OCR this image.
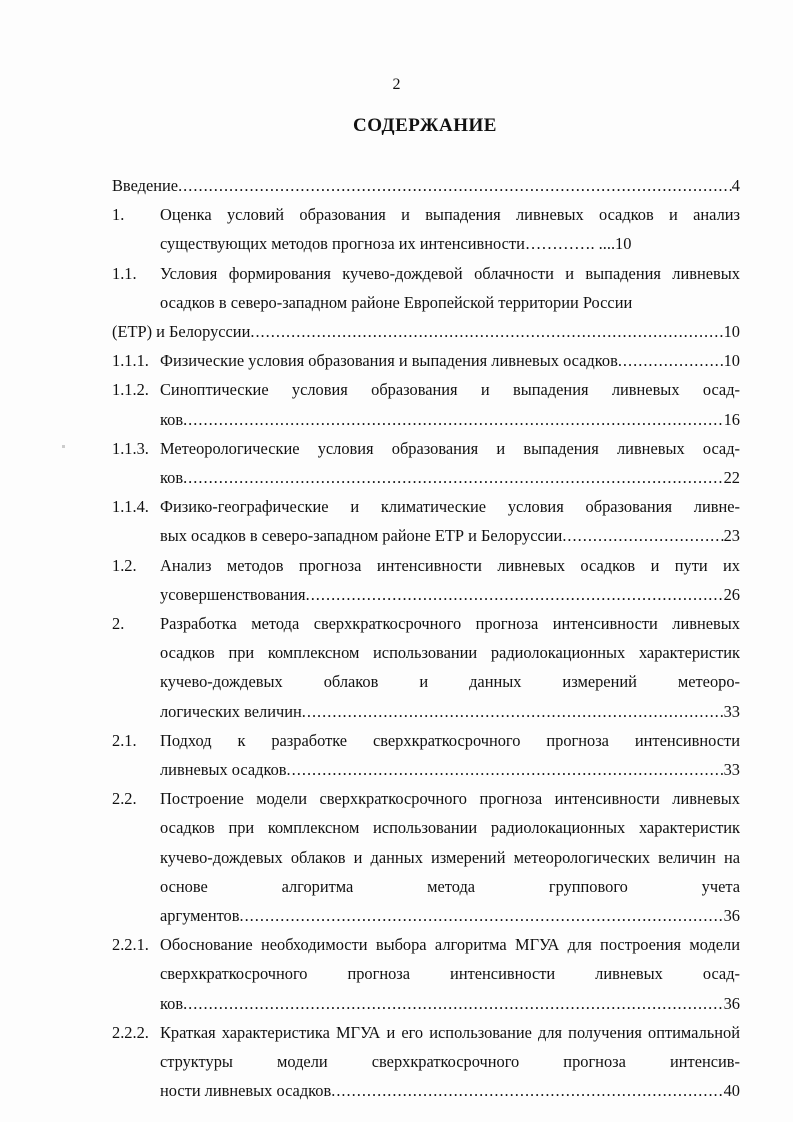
2
СОДЕРЖАНИЕ
Введение .....	4
1. Оценка условий образования и выпадения ливневых осадков и анализ существующих методов прогноза их интенсивности…………. ....10
1.1. Условия формирования кучево-дождевой облачности и выпадения ливневых осадков в северо-западном районе Европейской территории России
(ЕТР) и Белоруссии .....	10
1.1.1. Физические условия образования и выпадения ливневых осадков .....	10
1.1.2. Синоптические условия образования и выпадения ливневых осад-
ков .....	16
1.1.3. Метеорологические условия образования и выпадения ливневых осад-
ков .....	22
1.1.4. Физико-географические и климатические условия образования ливне-
вых осадков в северо-западном районе ЕТР и Белоруссии .....	23
1.2. Анализ методов прогноза интенсивности ливневых осадков и пути их
усовершенствования .....	26
2. Разработка метода сверхкраткосрочного прогноза интенсивности ливневых осадков при комплексном использовании радиолокационных характеристик кучево-дождевых облаков и данных измерений метеоро-
логических величин .....	33
2.1. Подход к разработке сверхкраткосрочного прогноза интенсивности
ливневых осадков .....	33
2.2. Построение модели сверхкраткосрочного прогноза интенсивности ливневых осадков при комплексном использовании радиолокационных характеристик кучево-дождевых облаков и данных измерений метеорологических величин на основе алгоритма метода группового учета
аргументов .....	36
2.2.1. Обоснование необходимости выбора алгоритма МГУА для построения модели сверхкраткосрочного прогноза интенсивности ливневых осад-
ков .....	36
2.2.2. Краткая характеристика МГУА и его использование для получения оптимальной структуры модели сверхкраткосрочного прогноза интенсив-
ности ливневых осадков .....	40
